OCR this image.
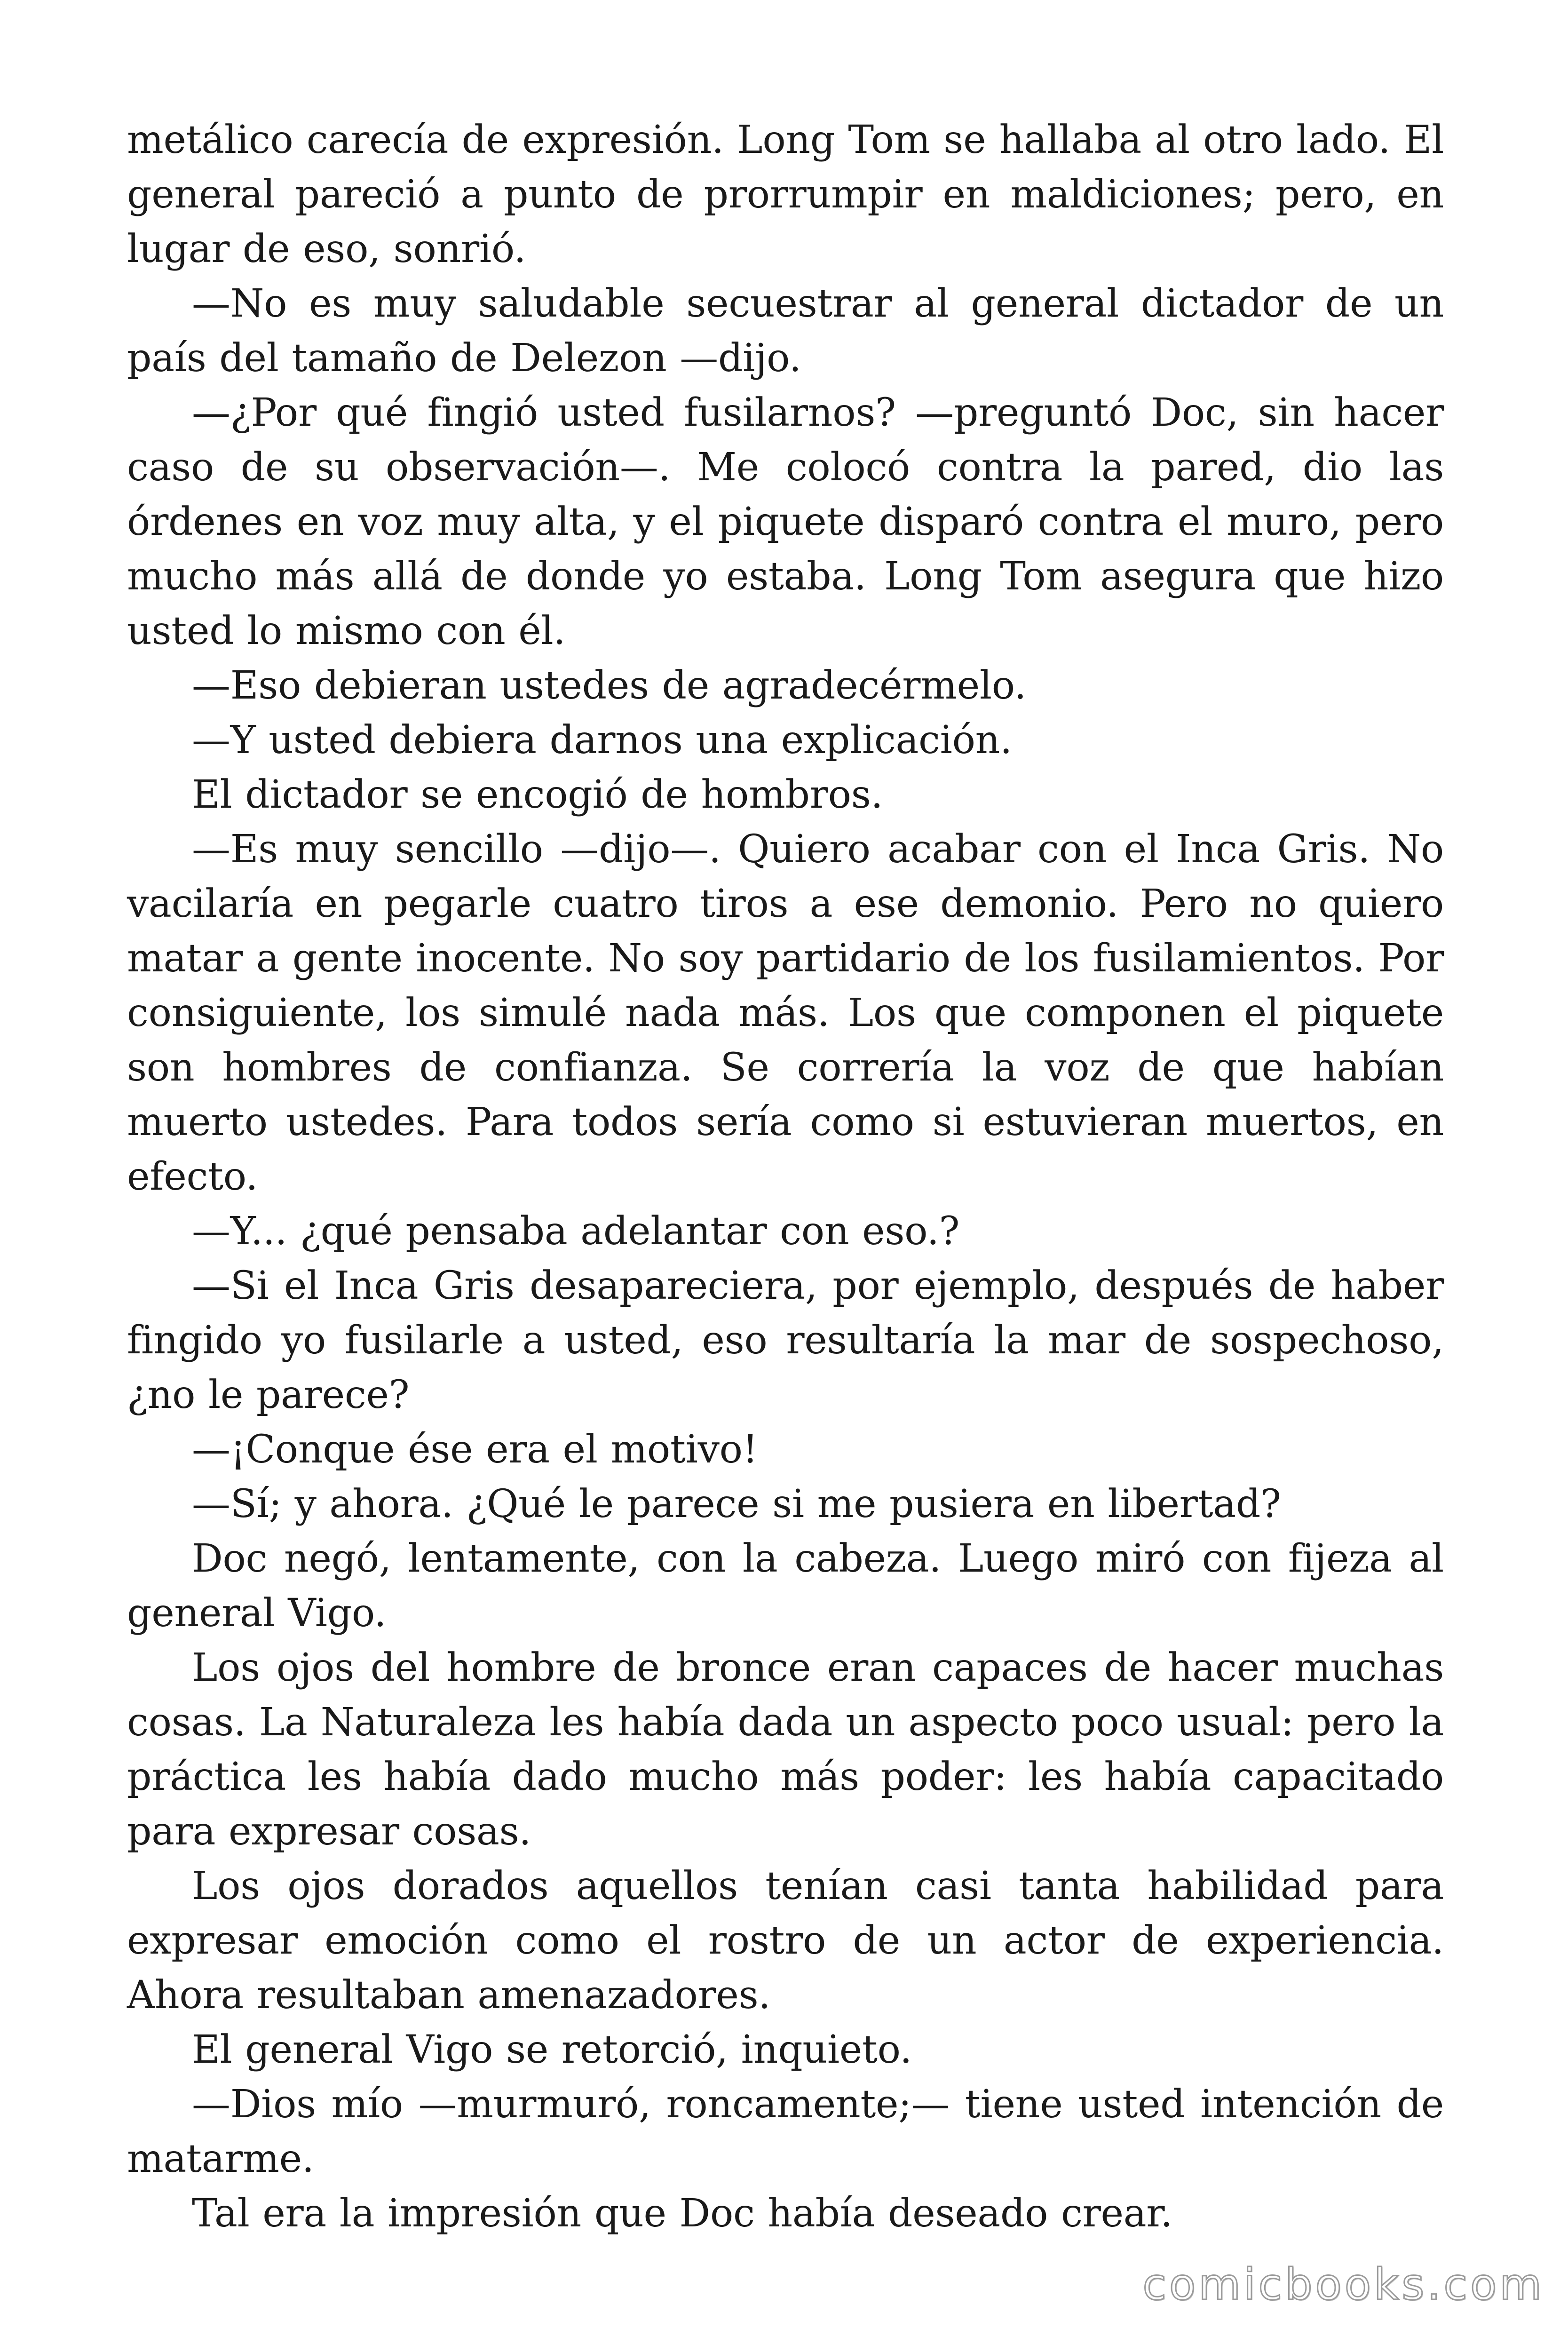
metálico carecía de expresión. Long Tom se hallaba al otro lado. El general pareció a punto de prorrumpir en maldiciones; pero, en lugar de eso, sonrió.

—No es muy saludable secuestrar al general dictador de un país del tamaño de Delezon —dijo.

—¿Por qué fingió usted fusilarnos? —preguntó Doc, sin hacer caso de su observación—. Me colocó contra la pared, dio las órdenes en voz muy alta, y el piquete disparó contra el muro, pero mucho más allá de donde yo estaba. Long Tom asegura que hizo usted lo mismo con él.

—Eso debieran ustedes de agradecérmelo.

—Y usted debiera darnos una explicación.

El dictador se encogió de hombros.

—Es muy sencillo —dijo—. Quiero acabar con el Inca Gris. No vacilaría en pegarle cuatro tiros a ese demonio. Pero no quiero matar a gente inocente. No soy partidario de los fusilamientos. Por consiguiente, los simulé nada más. Los que componen el piquete son hombres de confianza. Se correría la voz de que habían muerto ustedes. Para todos sería como si estuvieran muertos, en efecto.

—Y... ¿qué pensaba adelantar con eso.?

—Si el Inca Gris desapareciera, por ejemplo, después de haber fingido yo fusilarle a usted, eso resultaría la mar de sospechoso, ¿no le parece?

—¡Conque ése era el motivo!

—Sí; y ahora. ¿Qué le parece si me pusiera en libertad?

Doc negó, lentamente, con la cabeza. Luego miró con fijeza al general Vigo.

Los ojos del hombre de bronce eran capaces de hacer muchas cosas. La Naturaleza les había dada un aspecto poco usual: pero la práctica les había dado mucho más poder: les había capacitado para expresar cosas.

Los ojos dorados aquellos tenían casi tanta habilidad para expresar emoción como el rostro de un actor de experiencia. Ahora resultaban amenazadores.

El general Vigo se retorció, inquieto.

—Dios mío —murmuró, roncamente;— tiene usted intención de matarme.

Tal era la impresión que Doc había deseado crear.

comicbooks.com
